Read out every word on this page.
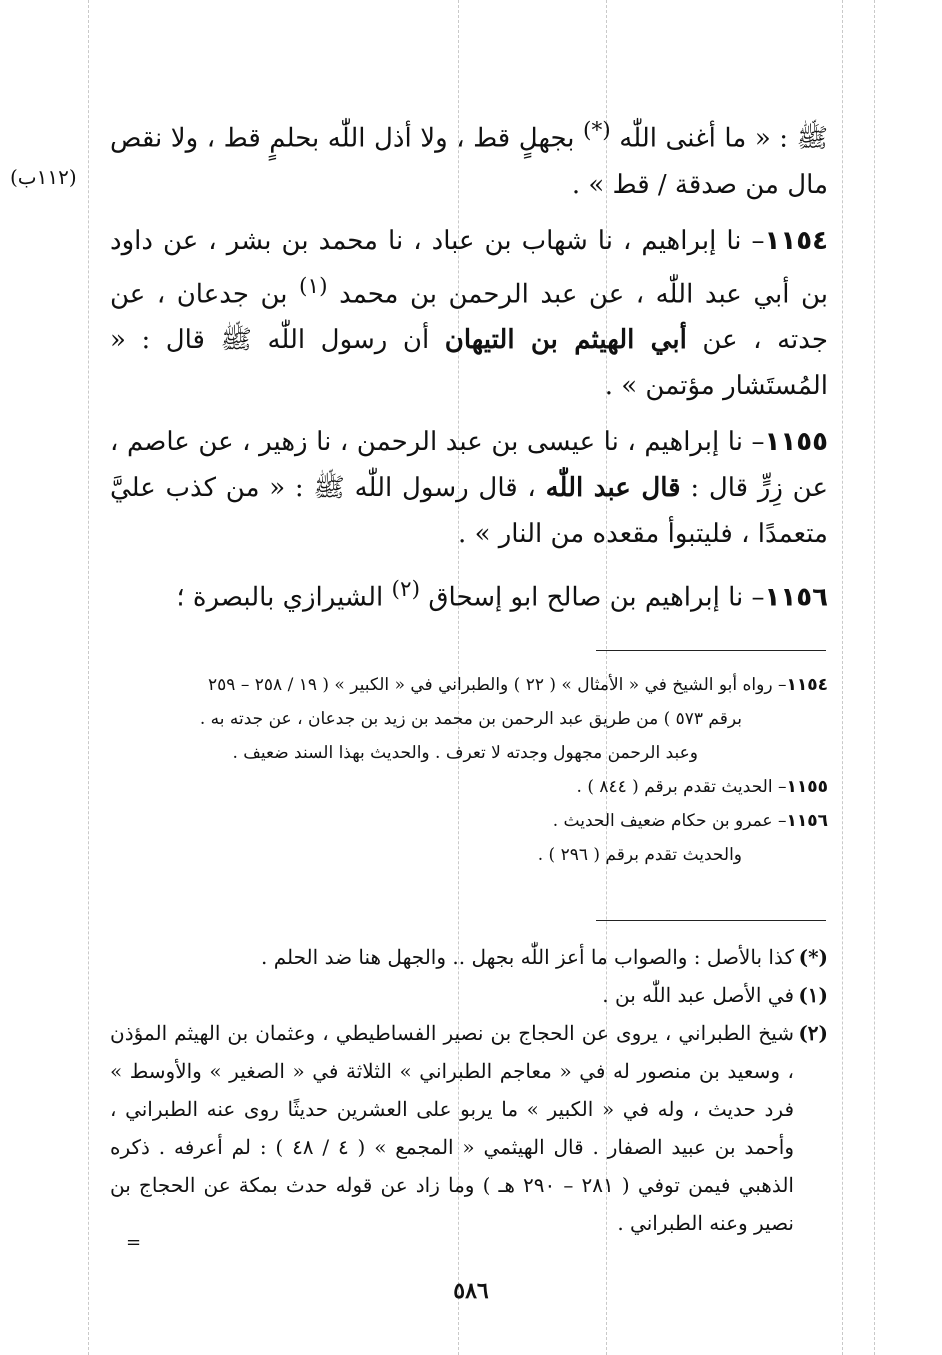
ﷺ : « ما أغنى اللّٰه (*) بجهلٍ قط ، ولا أذل اللّٰه بحلمٍ قط ، ولا نقص مال من صدقة / قط » .
(١١٢ب)

١١٥٤– نا إبراهيم ، نا شهاب بن عباد ، نا محمد بن بشر ، عن داود بن أبي عبد اللّٰه ، عن عبد الرحمن بن محمد $^{(١)}$ بن جدعان ، عن جدته ، عن أبي الهيثم بن التيهان أن رسول اللّٰه ﷺ قال : « المُستَشار مؤتمن » .

١١٥٥– نا إبراهيم ، نا عيسى بن عبد الرحمن ، نا زهير ، عن عاصم ، عن زِرٍّ قال : قال عبد اللّٰه ، قال رسول اللّٰه ﷺ : « من كذب عليَّ متعمدًا ، فليتبوأ مقعده من النار » .

١١٥٦– نا إبراهيم بن صالح ابو إسحاق $^{(٢)}$ الشيرازي بالبصرة ؛

١١٥٤– رواه أبو الشيخ في « الأمثال » ( ٢٢ ) والطبراني في « الكبير » ( ١٩ / ٢٥٨ – ٢٥٩

برقم ٥٧٣ ) من طريق عبد الرحمن بن محمد بن زيد بن جدعان ، عن جدته به .

وعبد الرحمن مجهول وجدته لا تعرف . والحديث بهذا السند ضعيف .

١١٥٥– الحديث تقدم برقم ( ٨٤٤ ) .

١١٥٦– عمرو بن حكام ضعيف الحديث .

والحديث تقدم برقم ( ٢٩٦ ) .

(*)
كذا بالأصل : والصواب ما أعز اللّٰه بجهل .. والجهل هنا ضد الحلم .
(١)
في الأصل عبد اللّٰه بن .
(٢)
شيخ الطبراني ، يروى عن الحجاج بن نصير الفساطيطي ، وعثمان بن الهيثم المؤذن ، وسعيد بن منصور له في « معاجم الطبراني » الثلاثة في « الصغير » والأوسط » فرد حديث ، وله في « الكبير » ما يربو على العشرين حديثًا روى عنه الطبراني ، وأحمد بن عبيد الصفار . قال الهيثمي « المجمع » ( ٤ / ٤٨ ) : لم أعرفه . ذكره الذهبي فيمن توفي ( ٢٨١ – ٢٩٠ هـ ) وما زاد عن قوله حدث بمكة عن الحجاج بن نصير وعنه الطبراني .
=
٥٨٦
